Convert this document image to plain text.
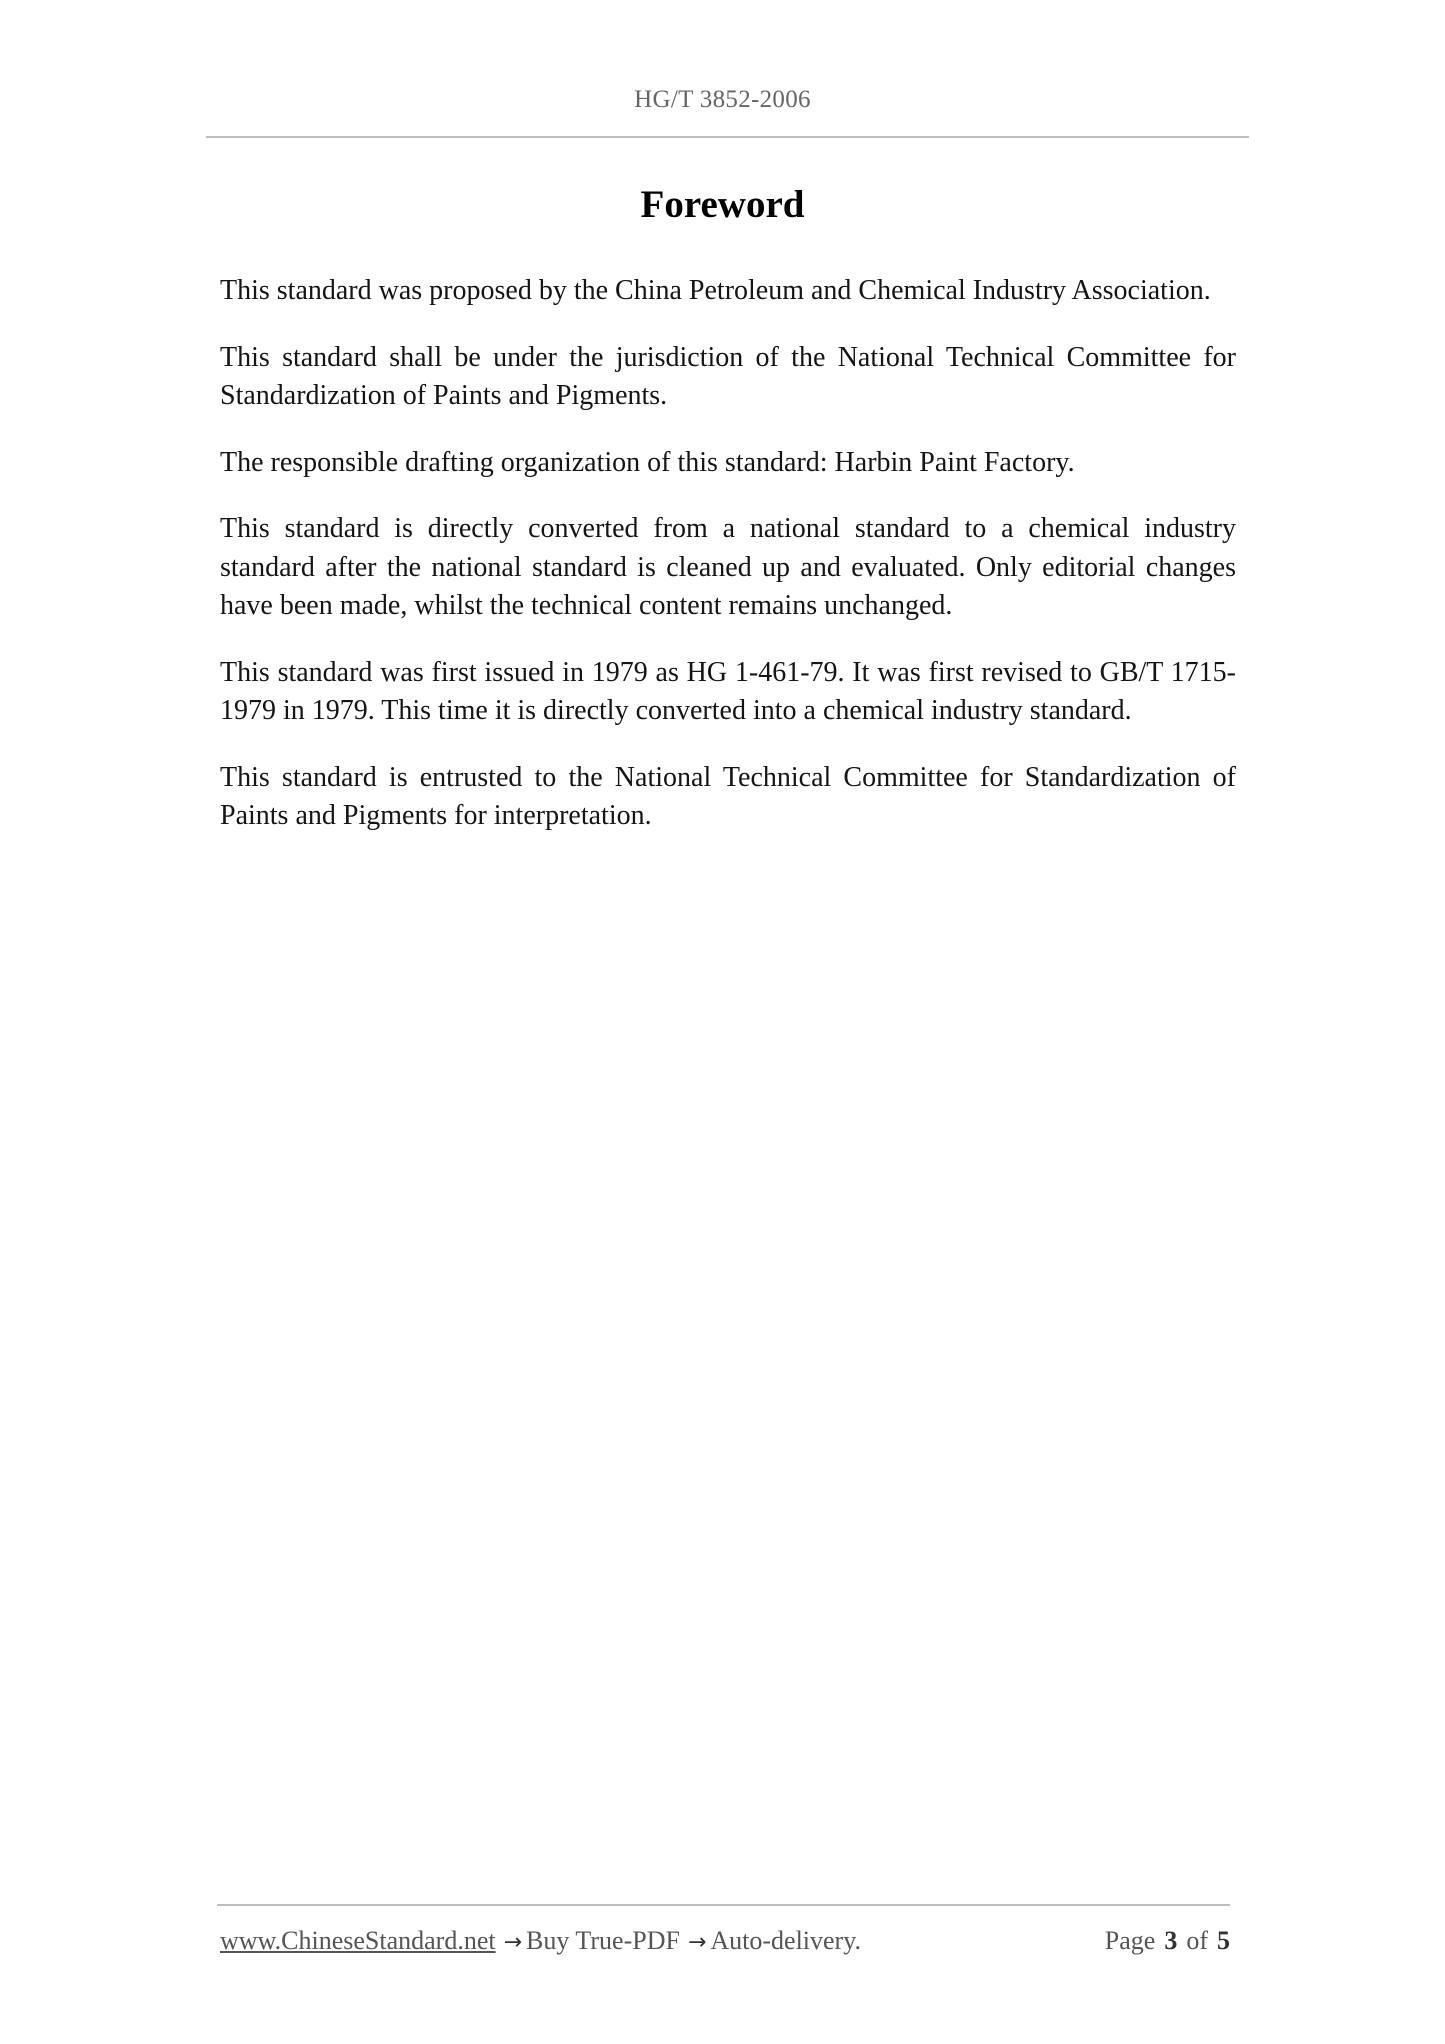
HG/T 3852-2006
Foreword

This standard was proposed by the China Petroleum and Chemical Industry Association.

This standard shall be under the jurisdiction of the National Technical Committee for Standardization of Paints and Pigments.

The responsible drafting organization of this standard: Harbin Paint Factory.

This standard is directly converted from a national standard to a chemical industry standard after the national standard is cleaned up and evaluated. Only editorial changes have been made, whilst the technical content remains unchanged.

This standard was first issued in 1979 as HG 1-461-79. It was first revised to GB/T 1715-1979 in 1979. This time it is directly converted into a chemical industry standard.

This standard is entrusted to the National Technical Committee for Standardization of Paints and Pigments for interpretation.

www.ChineseStandard.net → Buy True-PDF → Auto-delivery.	Page 3 of 5
